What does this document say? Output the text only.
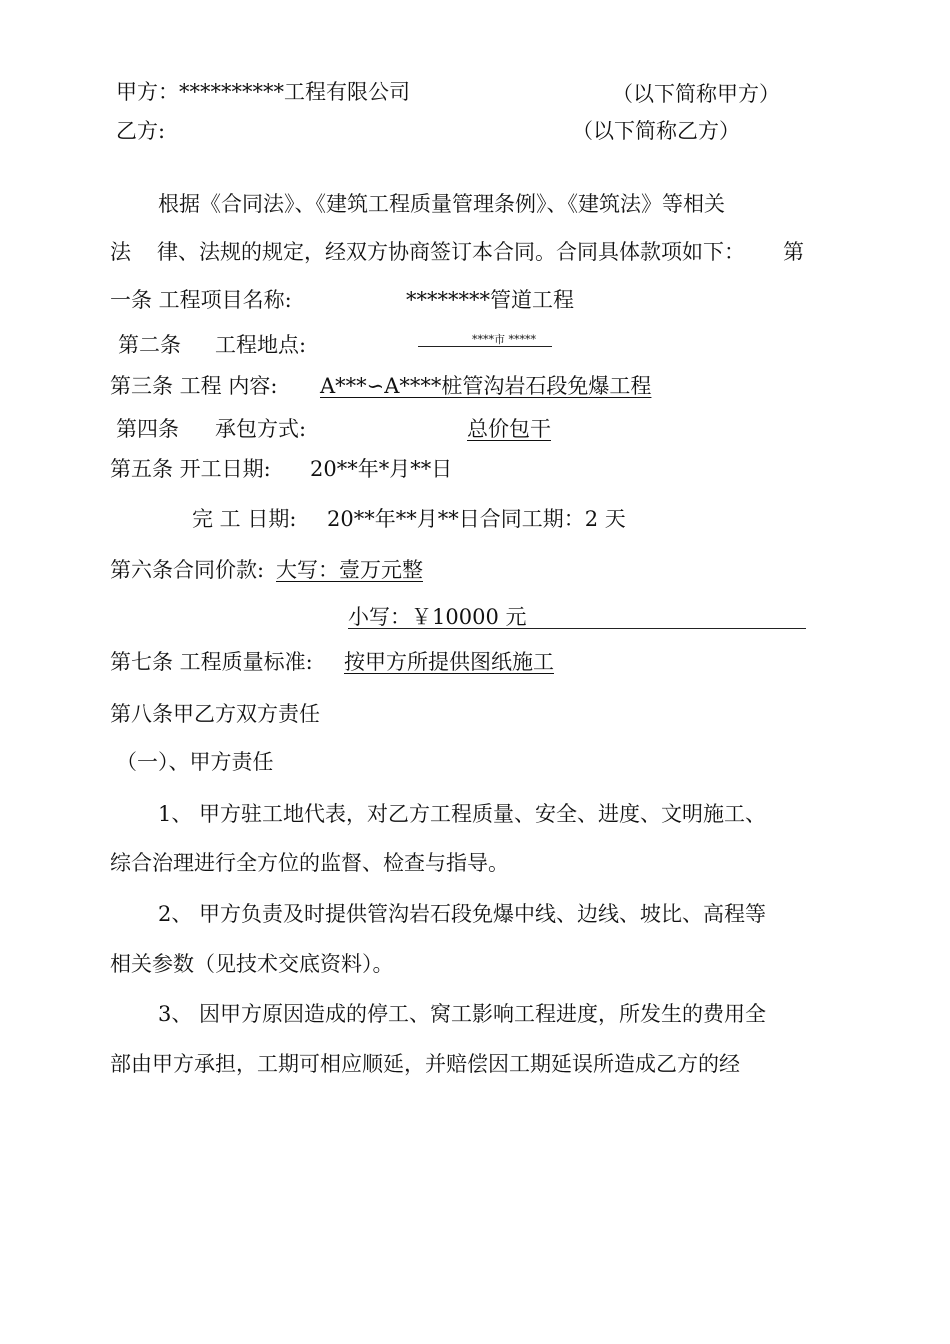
甲方：**********工程有限公司	（以下简称甲方）
乙方:	（以下简称乙方）
根据《合同法》、《建筑工程质量管理条例》、《建筑法》等相关
法 律、法规的规定，经双方协商签订本合同。合同具体款项如下： 第
一条 工程项目名称:	********管道工程
第二条 工程地点:	****市 *****
第三条 工程 内容: A***∽A****桩管沟岩石段免爆工程
第四条 承包方式:	总价包干
第五条 开工日期: 20**年*月**日
完 工 日期: 20**年**月**日合同工期：2 天
第六条合同价款: 大写：壹万元整
小写：￥10000 元
第七条 工程质量标准: 按甲方所提供图纸施工
第八条甲乙方双方责任
（一）、甲方责任
1、 甲方驻工地代表，对乙方工程质量、安全、进度、文明施工、
综合治理进行全方位的监督、检查与指导。
2、 甲方负责及时提供管沟岩石段免爆中线、边线、坡比、高程等
相关参数（见技术交底资料）。
3、 因甲方原因造成的停工、窝工影响工程进度，所发生的费用全
部由甲方承担，工期可相应顺延，并赔偿因工期延误所造成乙方的经
